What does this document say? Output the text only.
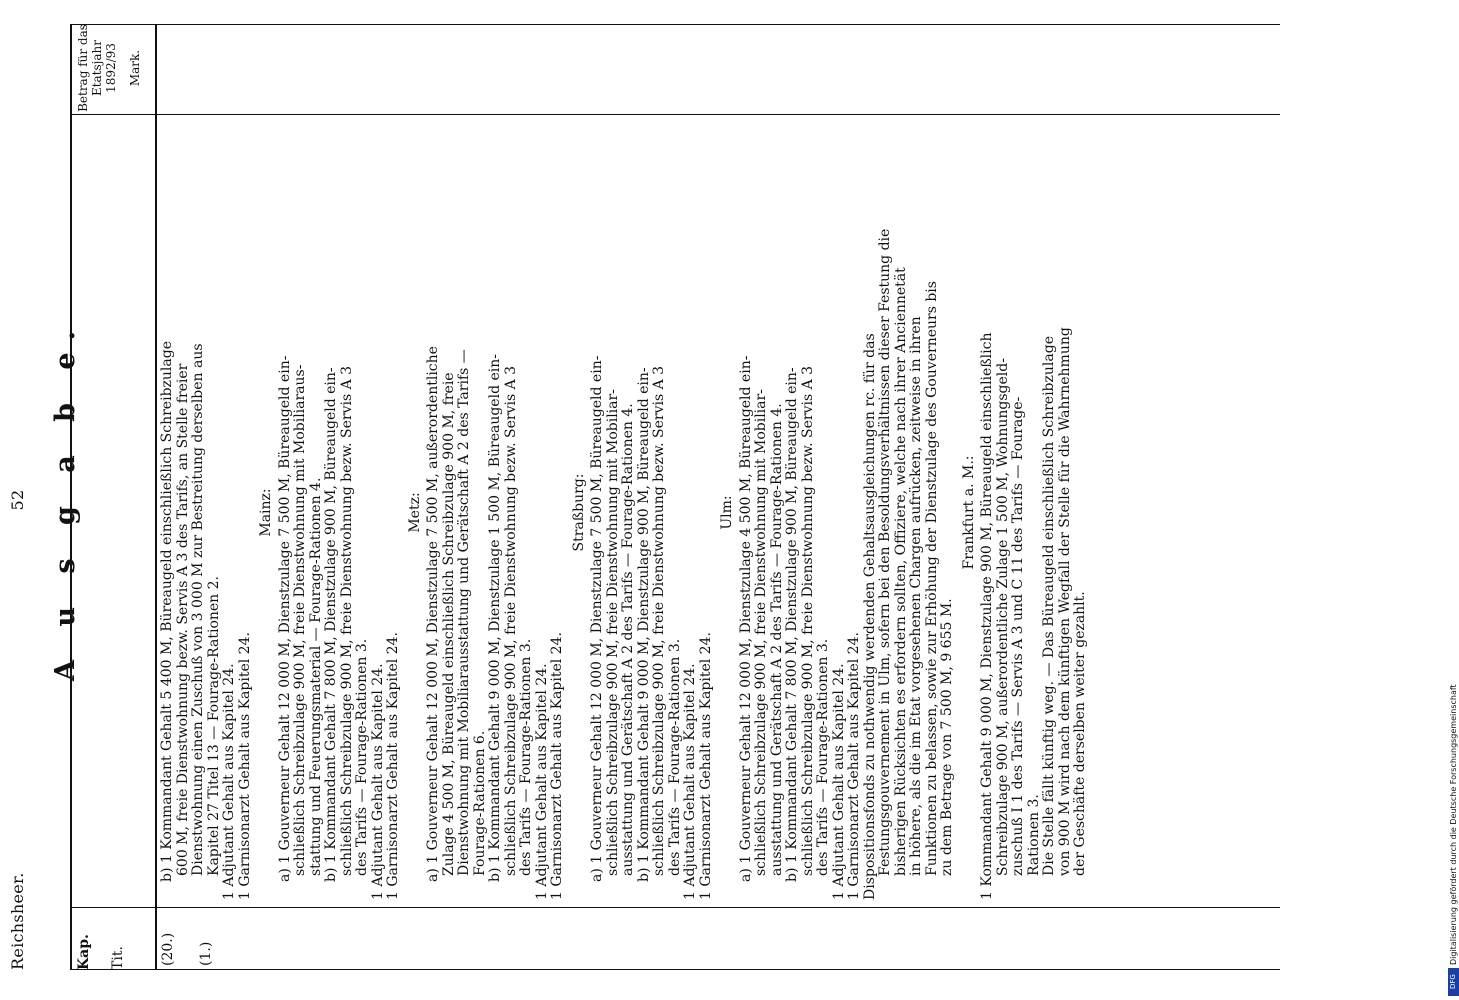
Reichsheer.
52 A u s g a b e.
Kap. Tit.
Betrag für das Etatsjahr 1892/93 Mark.
(20.) (1.)

b) 1 Kommandant Gehalt 5 400 M, Büreaugeld einschließlich Schreibzulage 600 M, freie Dienstwohnung bezw. Servis A 3 des Tarifs, an Stelle freier Dienstwohnung einen Zuschuß von 3 000 M zur Bestreitung derselben aus Kapitel 27 Titel 13 — Fourage-Rationen 2. 1 Adjutant Gehalt aus Kapitel 24. 1 Garnisonarzt Gehalt aus Kapitel 24.

Mainz: a) 1 Gouverneur Gehalt 12 000 M, Dienstzulage 7 500 M, Büreaugeld ein- schließlich Schreibzulage 900 M, freie Dienstwohnung mit Mobiliaraus- stattung und Feuerungsmaterial — Fourage-Rationen 4. b) 1 Kommandant Gehalt 7 800 M, Dienstzulage 900 M, Büreaugeld ein- schließlich Schreibzulage 900 M, freie Dienstwohnung bezw. Servis A 3 des Tarifs — Fourage-Rationen 3. 1 Adjutant Gehalt aus Kapitel 24. 1 Garnisonarzt Gehalt aus Kapitel 24.

Metz: a) 1 Gouverneur Gehalt 12 000 M, Dienstzulage 7 500 M, außerordentliche Zulage 4 500 M, Büreaugeld einschließlich Schreibzulage 900 M, freie Dienstwohnung mit Mobiliarausstattung und Gerätschaft A 2 des Tarifs — Fourage-Rationen 6. b) 1 Kommandant Gehalt 9 000 M, Dienstzulage 1 500 M, Büreaugeld ein- schließlich Schreibzulage 900 M, freie Dienstwohnung bezw. Servis A 3 des Tarifs — Fourage-Rationen 3. 1 Adjutant Gehalt aus Kapitel 24. 1 Garnisonarzt Gehalt aus Kapitel 24.

Straßburg: a) 1 Gouverneur Gehalt 12 000 M, Dienstzulage 7 500 M, Büreaugeld ein- schließlich Schreibzulage 900 M, freie Dienstwohnung mit Mobiliar- ausstattung und Gerätschaft A 2 des Tarifs — Fourage-Rationen 4. b) 1 Kommandant Gehalt 9 000 M, Dienstzulage 900 M, Büreaugeld ein- schließlich Schreibzulage 900 M, freie Dienstwohnung bezw. Servis A 3 des Tarifs — Fourage-Rationen 3. 1 Adjutant Gehalt aus Kapitel 24. 1 Garnisonarzt Gehalt aus Kapitel 24.

Ulm: a) 1 Gouverneur Gehalt 12 000 M, Dienstzulage 4 500 M, Büreaugeld ein- schließlich Schreibzulage 900 M, freie Dienstwohnung mit Mobiliar- ausstattung und Gerätschaft A 2 des Tarifs — Fourage-Rationen 4. b) 1 Kommandant Gehalt 7 800 M, Dienstzulage 900 M, Büreaugeld ein- schließlich Schreibzulage 900 M, freie Dienstwohnung bezw. Servis A 3 des Tarifs — Fourage-Rationen 3. 1 Adjutant Gehalt aus Kapitel 24. 1 Garnisonarzt Gehalt aus Kapitel 24. Dispositionsfonds zu nothwendig werdenden Gehaltsausgleichungen rc. für das Festungsgouvernement in Ulm, sofern bei den Besoldungsverhältnissen dieser Festung die bisherigen Rücksichten es erfordern sollten, Offiziere, welche nach ihrer Anciennetät in höhere, als die im Etat vorgesehenen Chargen aufrücken, zeitweise in ihren Funktionen zu belassen, sowie zur Erhöhung der Dienstzulage des Gouverneurs bis zu dem Betrage von 7 500 M, 9 655 M.

Frankfurt a. M.: 1 Kommandant Gehalt 9 000 M, Dienstzulage 900 M, Büreaugeld einschließlich Schreibzulage 900 M, außerordentliche Zulage 1 500 M, Wohnungsgeld- zuschuß I 1 des Tarifs — Servis A 3 und C 11 des Tarifs — Fourage- Rationen 3. Die Stelle fällt künftig weg. — Das Büreaugeld einschließlich Schreibzulage von 900 M wird nach dem künftigen Wegfall der Stelle für die Wahrnehmung der Geschäfte derselben weiter gezahlt.	Digitalisierung gefördert durch die Deutsche Forschungsgemeinschaft
DFG
